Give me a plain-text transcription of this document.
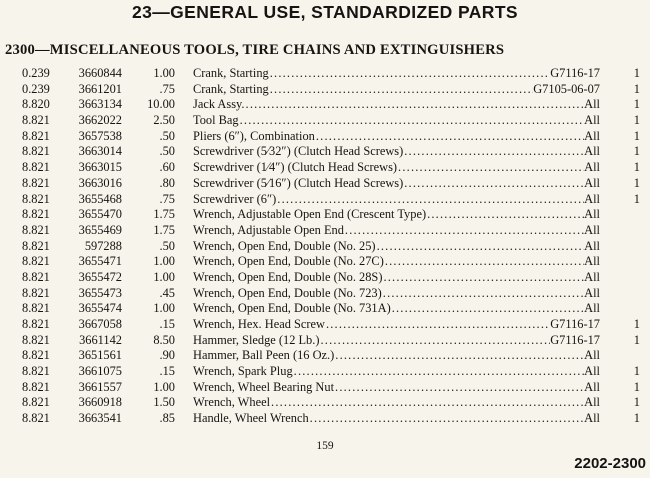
23—GENERAL USE, STANDARDIZED PARTS
2300—MISCELLANEOUS TOOLS, TIRE CHAINS AND EXTINGUISHERS
0.239	3660844	1.00 Crank, Starting .....	G7116-17	1
0.239	3661201	.75 Crank, Starting .....	G7105-06-07	1
8.820	3663134	10.00 Jack Assy. .....	All	1
8.821	3662022	2.50 Tool Bag .....	All	1
8.821	3657538	.50 Pliers (6″), Combination .....	All	1
8.821	3663014	.50 Screwdriver (5⁄32″) (Clutch Head Screws) .....	All	1
8.821	3663015	.60 Screwdriver (1⁄4″) (Clutch Head Screws) .....	All	1
8.821	3663016	.80 Screwdriver (5⁄16″) (Clutch Head Screws) .....	All	1
8.821	3655468	.75 Screwdriver (6″) .....	All	1
8.821	3655470	1.75 Wrench, Adjustable Open End (Crescent Type) .....	All
8.821	3655469	1.75 Wrench, Adjustable Open End .....	All
8.821	597288	.50 Wrench, Open End, Double (No. 25) .....	All
8.821	3655471	1.00 Wrench, Open End, Double (No. 27C) .....	All
8.821	3655472	1.00 Wrench, Open End, Double (No. 28S) .....	All
8.821	3655473	.45 Wrench, Open End, Double (No. 723) .....	All
8.821	3655474	1.00 Wrench, Open End, Double (No. 731A) .....	All
8.821	3667058	.15 Wrench, Hex. Head Screw .....	G7116-17	1
8.821	3661142	8.50 Hammer, Sledge (12 Lb.) .....	G7116-17	1
8.821	3651561	.90 Hammer, Ball Peen (16 Oz.) .....	All
8.821	3661075	.15 Wrench, Spark Plug .....	All	1
8.821	3661557	1.00 Wrench, Wheel Bearing Nut .....	All	1
8.821	3660918	1.50 Wrench, Wheel .....	All	1
8.821	3663541	.85 Handle, Wheel Wrench .....	All	1
159
2202-2300
